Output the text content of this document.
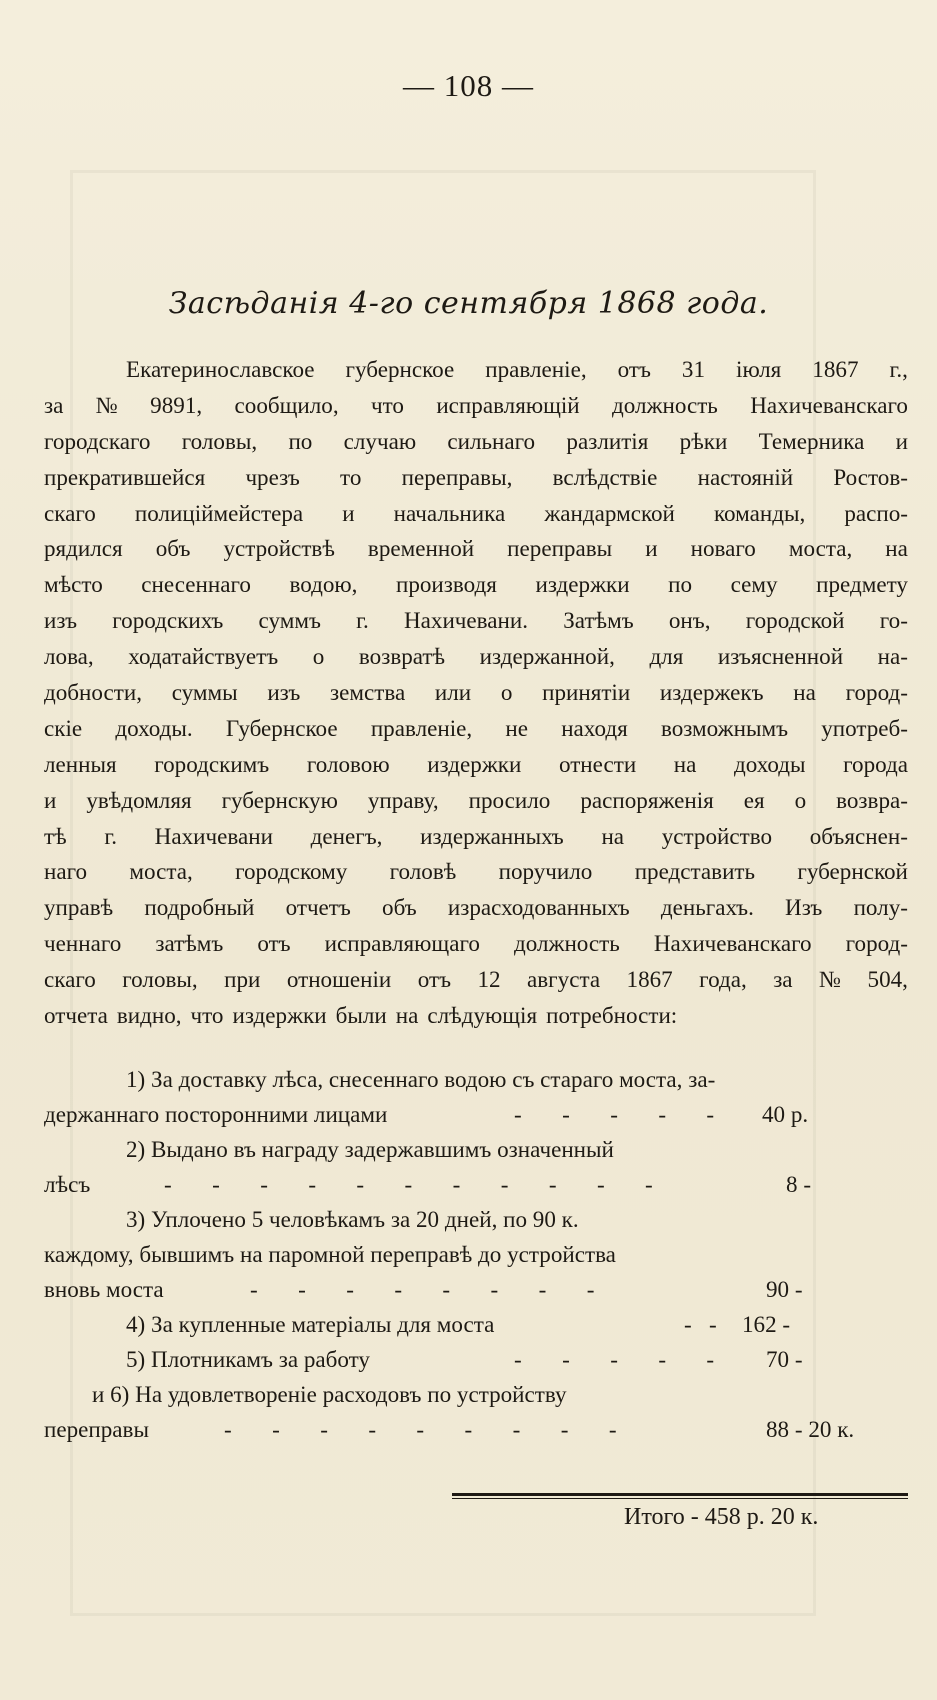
— 108 —
Засѣданія 4-го сентября 1868 года.
Екатеринославское губернское правленіе, отъ 31 іюля 1867 г.,
за № 9891, сообщило, что исправляющій должность Нахичеванскаго
городскаго головы, по случаю сильнаго разлитія рѣки Темерника и
прекратившейся чрезъ то переправы, вслѣдствіе настояній Ростов-
скаго полиціймейстера и начальника жандармской команды, распо-
рядился объ устройствѣ временной переправы и новаго моста, на
мѣсто снесеннаго водою, производя издержки по сему предмету
изъ городскихъ суммъ г. Нахичевани. Затѣмъ онъ, городской го-
лова, ходатайствуетъ о возвратѣ издержанной, для изъясненной на-
добности, суммы изъ земства или о принятіи издержекъ на город-
скіе доходы. Губернское правленіе, не находя возможнымъ употреб-
ленныя городскимъ головою издержки отнести на доходы города
и увѣдомляя губернскую управу, просило распоряженія ея о возвра-
тѣ г. Нахичевани денегъ, издержанныхъ на устройство объяснен-
наго моста, городскому головѣ поручило представить губернской
управѣ подробный отчетъ объ израсходованныхъ деньгахъ. Изъ полу-
ченнаго затѣмъ отъ исправляющаго должность Нахичеванскаго город-
скаго головы, при отношеніи отъ 12 августа 1867 года, за № 504,
отчета видно, что издержки были на слѣдующія потребности:
1) За доставку лѣса, снесеннаго водою съ стараго моста, за-
держаннаго посторонними лицами	-       -       -       -       - 40 р.
2) Выдано въ награду задержавшимъ означенный
лѣсъ	-       -       -       -       -       -       -       -       -       -       -	8 -
3) Уплочено 5 человѣкамъ за 20 дней, по 90 к.
каждому, бывшимъ на паромной переправѣ до устройства
вновь моста	-       -       -       -       -       -       -       -	90 -
4) За купленные матеріалы для моста	-   - 162 -
5) Плотникамъ за работу	-       -       -       -       - 70 -
и 6) На удовлетвореніе расходовъ по устройству
переправы	-       -       -       -       -       -       -       -       -	88 - 20 к.
Итого - 458 р. 20 к.
